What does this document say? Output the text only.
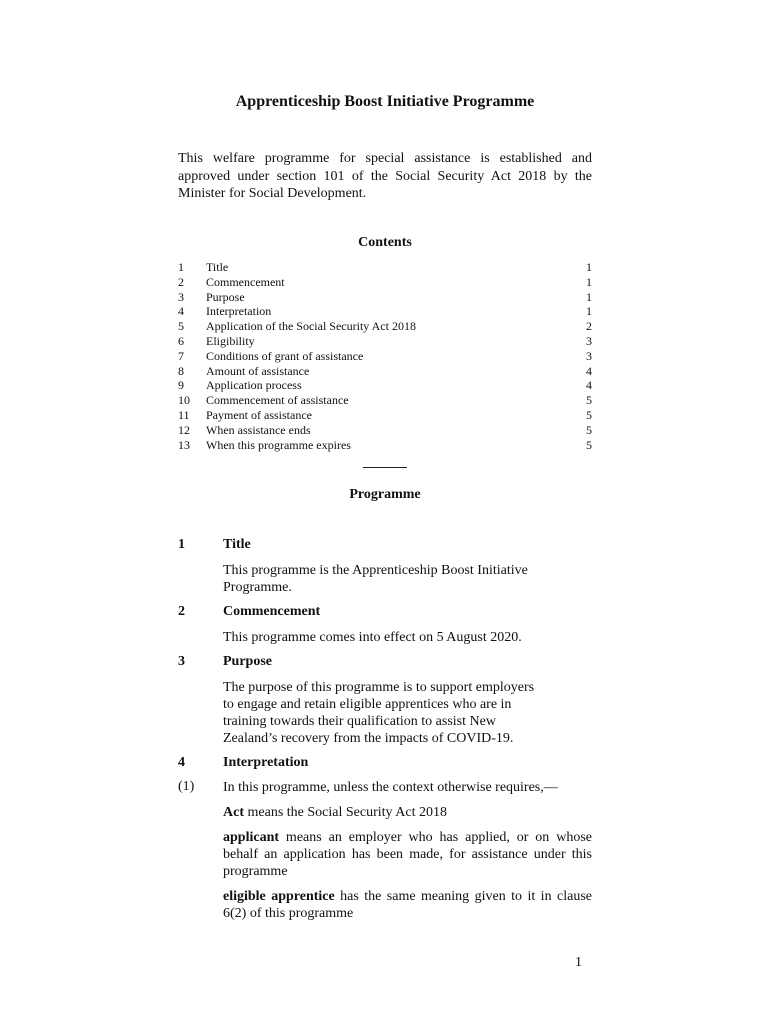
Apprenticeship Boost Initiative Programme
This welfare programme for special assistance is established and approved under section 101 of the Social Security Act 2018 by the Minister for Social Development.
Contents
1	Title	1
2	Commencement	1
3	Purpose	1
4	Interpretation	1
5	Application of the Social Security Act 2018	2
6	Eligibility	3
7	Conditions of grant of assistance	3
8	Amount of assistance	4
9	Application process	4
10	Commencement of assistance	5
11	Payment of assistance	5
12	When assistance ends	5
13	When this programme expires	5
Programme
1	Title
This programme is the Apprenticeship Boost Initiative Programme.
2	Commencement
This programme comes into effect on 5 August 2020.
3	Purpose
The purpose of this programme is to support employers to engage and retain eligible apprentices who are in training towards their qualification to assist New Zealand’s recovery from the impacts of COVID-19.
4	Interpretation
(1) In this programme, unless the context otherwise requires,—
Act means the Social Security Act 2018
applicant means an employer who has applied, or on whose behalf an application has been made, for assistance under this programme
eligible apprentice has the same meaning given to it in clause 6(2) of this programme
1
